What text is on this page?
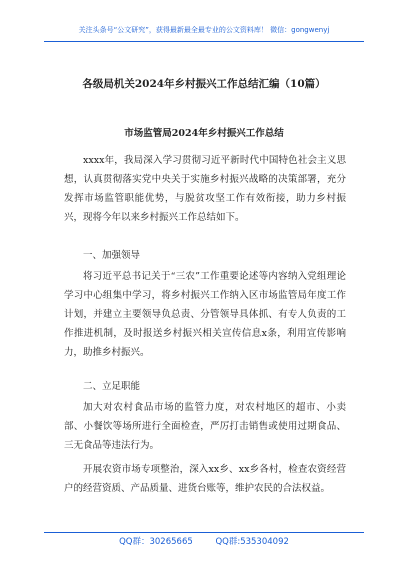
关注头条号“公文研究”，获得最新最全最专业的公文资料库！ 微信：gongwenyj
各级局机关2024年乡村振兴工作总结汇编（10篇）
市场监管局2024年乡村振兴工作总结

xxxx年，我局深入学习贯彻习近平新时代中国特色社会主义思想，认真贯彻落实党中央关于实施乡村振兴战略的决策部署，充分发挥市场监管职能优势，与脱贫攻坚工作有效衔接，助力乡村振兴，现将今年以来乡村振兴工作总结如下。

一、加强领导

将习近平总书记关于“三农”工作重要论述等内容纳入党组理论学习中心组集中学习，将乡村振兴工作纳入区市场监管局年度工作计划，并建立主要领导负总责、分管领导具体抓、有专人负责的工作推进机制，及时报送乡村振兴相关宣传信息x条，利用宣传影响力，助推乡村振兴。

二、立足职能

加大对农村食品市场的监管力度，对农村地区的超市、小卖部、小餐饮等场所进行全面检查，严厉打击销售或使用过期食品、三无食品等违法行为。

开展农资市场专项整治，深入xx乡、xx乡各村，检查农资经营户的经营资质、产品质量、进货台账等，维护农民的合法权益。

QQ群：30265665	QQ群:535304092
